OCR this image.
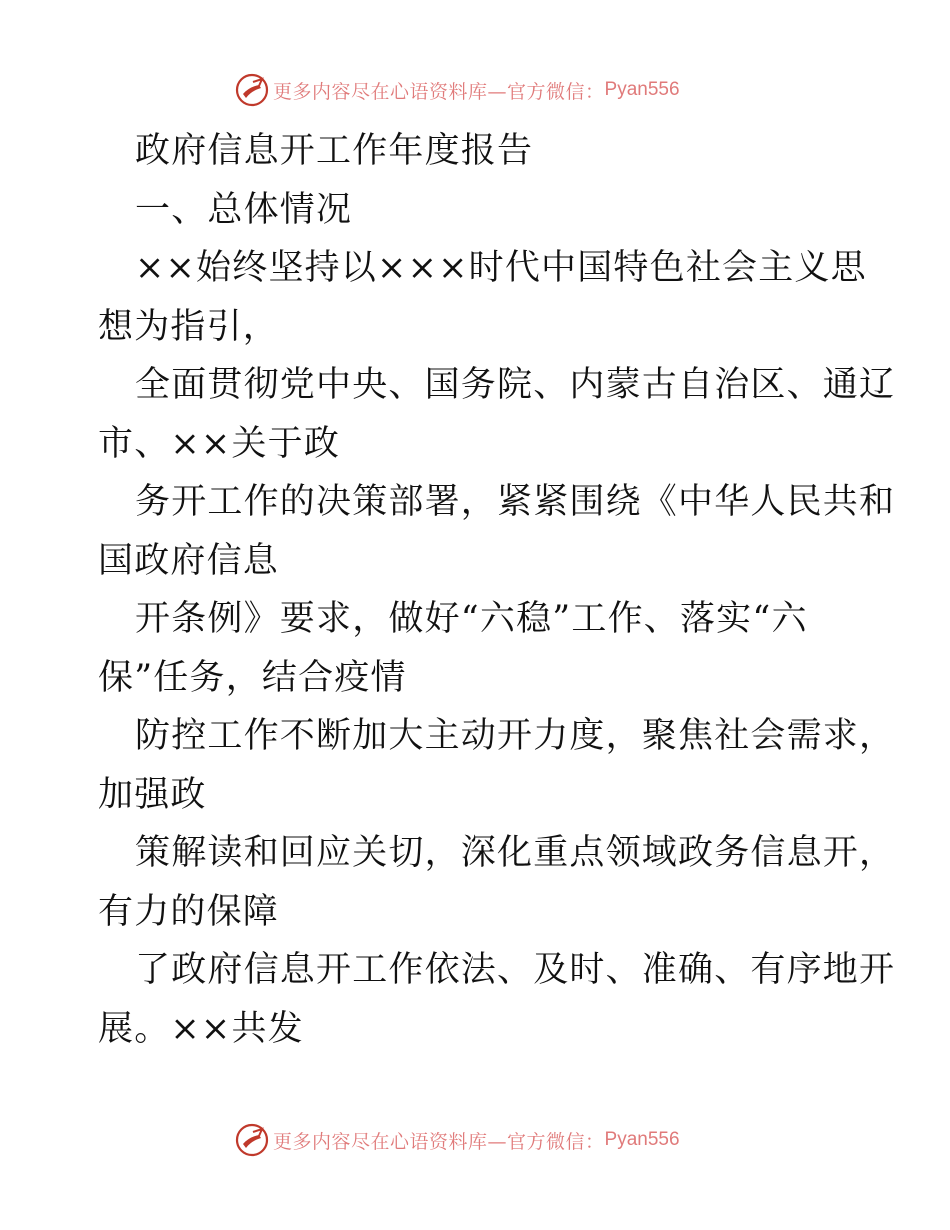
更多内容尽在心语资料库—官方微信： Pyan556
政府信息开工作年度报告
一、总体情况
××始终坚持以×××时代中国特色社会主义思
想为指引，
全面贯彻党中央、国务院、内蒙古自治区、通辽
市、××关于政
务开工作的决策部署，紧紧围绕《中华人民共和
国政府信息
开条例》要求，做好“六稳”工作、落实“六
保”任务，结合疫情
防控工作不断加大主动开力度，聚焦社会需求，
加强政
策解读和回应关切，深化重点领域政务信息开，
有力的保障
了政府信息开工作依法、及时、准确、有序地开
展。××共发
更多内容尽在心语资料库—官方微信： Pyan556
